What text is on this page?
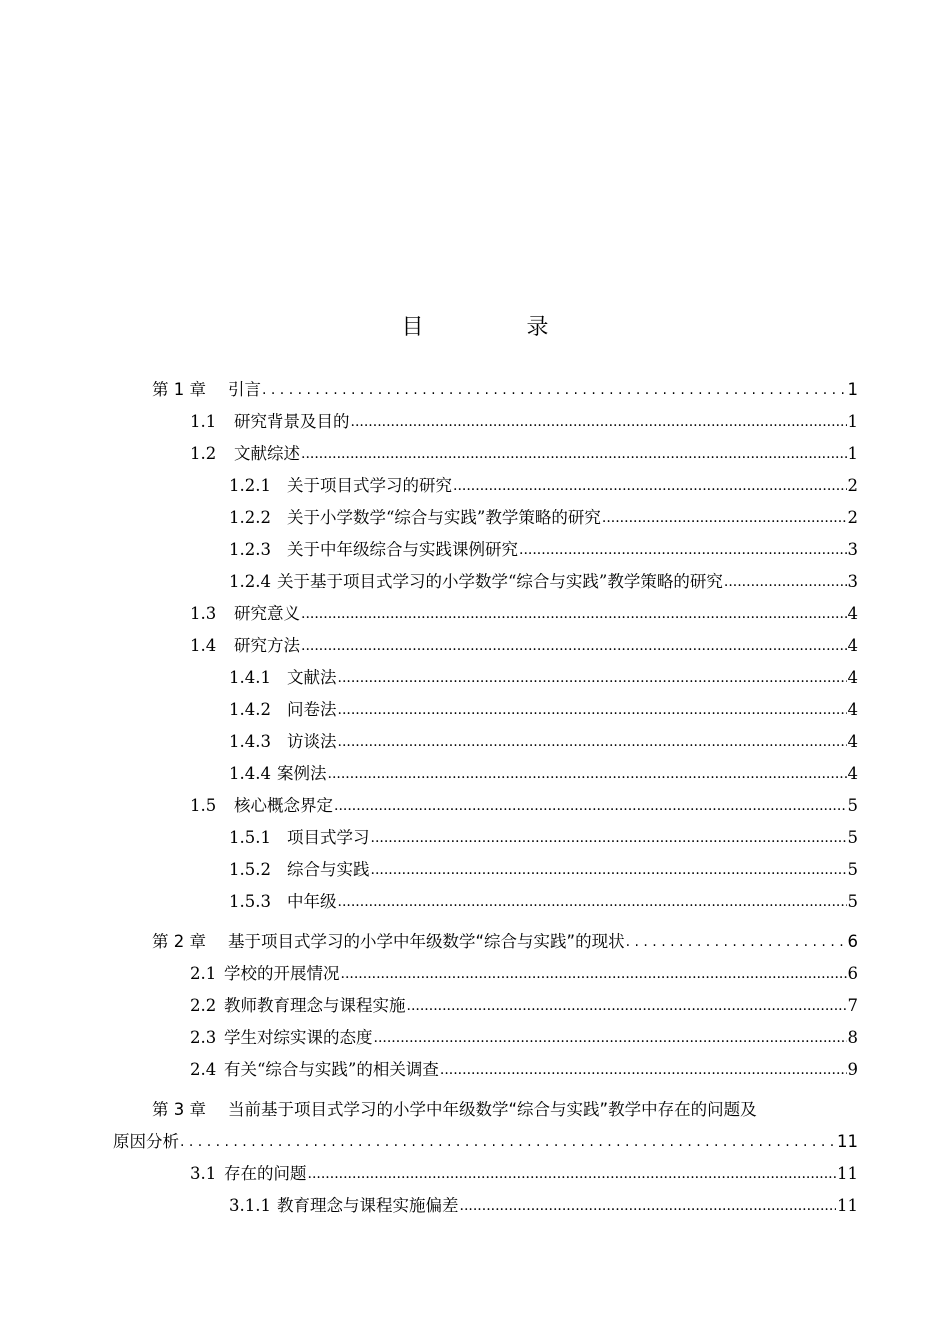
目 录
第 1 章	引言 . . .	1
1.1	研究背景及目的 .....	1
1.2	文献综述 .....	1
1.2.1 关于项目式学习的研究 .....	2
1.2.2 关于小学数学“综合与实践”教学策略的研究 .....	2
1.2.3 关于中年级综合与实践课例研究 .....	3
1.2.4 关于基于项目式学习的小学数学“综合与实践”教学策略的研究 .....	3
1.3	研究意义 .....	4
1.4	研究方法 .....	4
1.4.1 文献法 .....	4
1.4.2 问卷法 .....	4
1.4.3 访谈法 .....	4
1.4.4 案例法 .....	4
1.5	核心概念界定 .....	5
1.5.1 项目式学习 .....	5
1.5.2 综合与实践 .....	5
1.5.3 中年级 .....	5
第 2 章	基于项目式学习的小学中年级数学“综合与实践”的现状 . . .	6
2.1 学校的开展情况 .....	6
2.2 教师教育理念与课程实施 .....	7
2.3 学生对综实课的态度 .....	8
2.4 有关“综合与实践”的相关调查 .....	9
第 3 章 当前基于项目式学习的小学中年级数学“综合与实践”教学中存在的问题及
原因分析 . . .	11
3.1 存在的问题 .....	11
3.1.1 教育理念与课程实施偏差 .....	11
